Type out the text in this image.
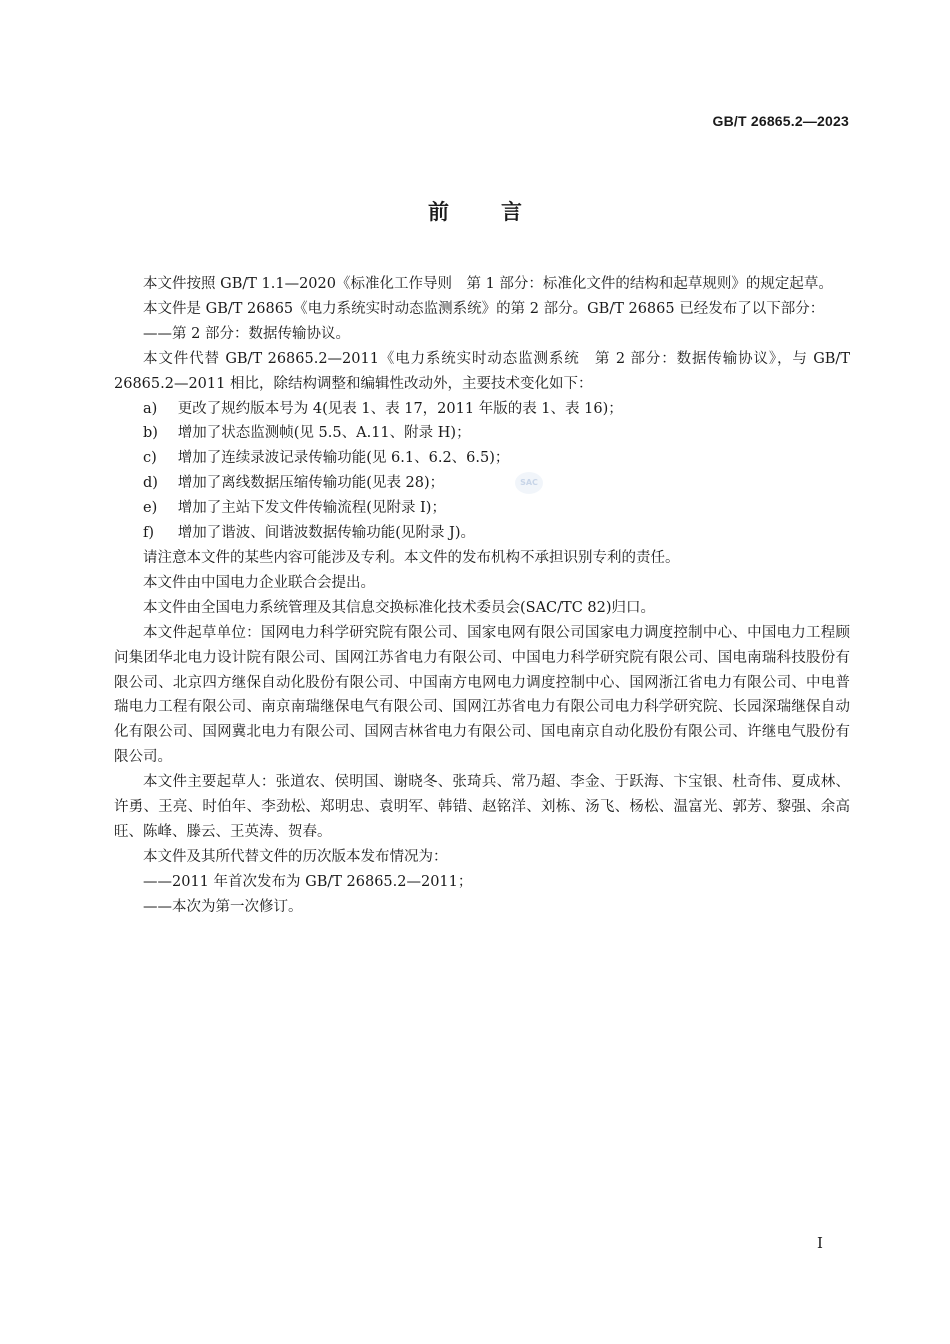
GB/T 26865.2—2023
前言
SAC

本文件按照 GB/T 1.1—2020《标准化工作导则　第 1 部分：标准化文件的结构和起草规则》的规定起草。

本文件是 GB/T 26865《电力系统实时动态监测系统》的第 2 部分。GB/T 26865 已经发布了以下部分：

——第 2 部分：数据传输协议。

本文件代替 GB/T 26865.2—2011《电力系统实时动态监测系统　第 2 部分：数据传输协议》，与 GB/T 26865.2—2011 相比，除结构调整和编辑性改动外，主要技术变化如下：

a) 更改了规约版本号为 4(见表 1、表 17，2011 年版的表 1、表 16)；

b) 增加了状态监测帧(见 5.5、A.11、附录 H)；

c) 增加了连续录波记录传输功能(见 6.1、6.2、6.5)；

d) 增加了离线数据压缩传输功能(见表 28)；

e) 增加了主站下发文件传输流程(见附录 I)；

f) 增加了谐波、间谐波数据传输功能(见附录 J)。

请注意本文件的某些内容可能涉及专利。本文件的发布机构不承担识别专利的责任。

本文件由中国电力企业联合会提出。

本文件由全国电力系统管理及其信息交换标准化技术委员会(SAC/TC 82)归口。

本文件起草单位：国网电力科学研究院有限公司、国家电网有限公司国家电力调度控制中心、中国电力工程顾问集团华北电力设计院有限公司、国网江苏省电力有限公司、中国电力科学研究院有限公司、国电南瑞科技股份有限公司、北京四方继保自动化股份有限公司、中国南方电网电力调度控制中心、国网浙江省电力有限公司、中电普瑞电力工程有限公司、南京南瑞继保电气有限公司、国网江苏省电力有限公司电力科学研究院、长园深瑞继保自动化有限公司、国网冀北电力有限公司、国网吉林省电力有限公司、国电南京自动化股份有限公司、许继电气股份有限公司。

本文件主要起草人：张道农、侯明国、谢晓冬、张琦兵、常乃超、李金、于跃海、卞宝银、杜奇伟、夏成林、许勇、王亮、时伯年、李劲松、郑明忠、袁明军、韩错、赵铭洋、刘栋、汤飞、杨松、温富光、郭芳、黎强、余高旺、陈峰、滕云、王英涛、贺春。

本文件及其所代替文件的历次版本发布情况为：

——2011 年首次发布为 GB/T 26865.2—2011；

——本次为第一次修订。

I
